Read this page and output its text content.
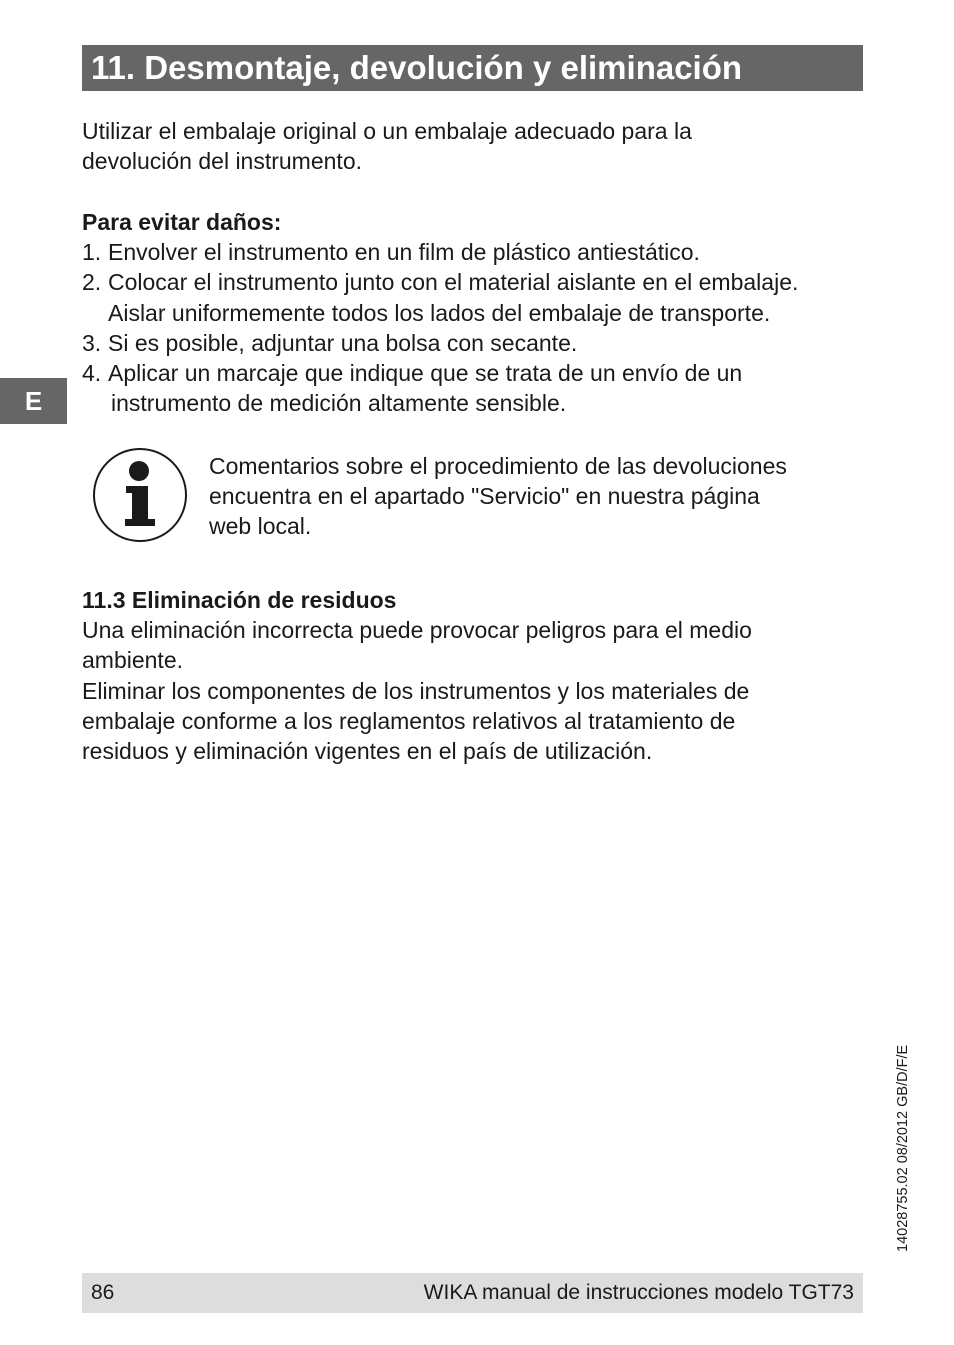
11. Desmontaje, devolución y eliminación
Utilizar el embalaje original o un embalaje adecuado para la
devolución del instrumento.
Para evitar daños:
1. Envolver el instrumento en un film de plástico antiestático.
2. Colocar el instrumento junto con el material aislante en el embalaje.
Aislar uniformemente todos los lados del embalaje de transporte.
3. Si es posible, adjuntar una bolsa con secante.
4. Aplicar un marcaje que indique que se trata de un envío de un
instrumento de medición altamente sensible.
E
Comentarios sobre el procedimiento de las devoluciones
encuentra en el apartado "Servicio" en nuestra página
web local.
11.3 Eliminación de residuos
Una eliminación incorrecta puede provocar peligros para el medio
ambiente.
Eliminar los componentes de los instrumentos y los materiales de
embalaje conforme a los reglamentos relativos al tratamiento de
residuos y eliminación vigentes en el país de utilización.
14028755.02 08/2012 GB/D/F/E
86	WIKA manual de instrucciones modelo TGT73
